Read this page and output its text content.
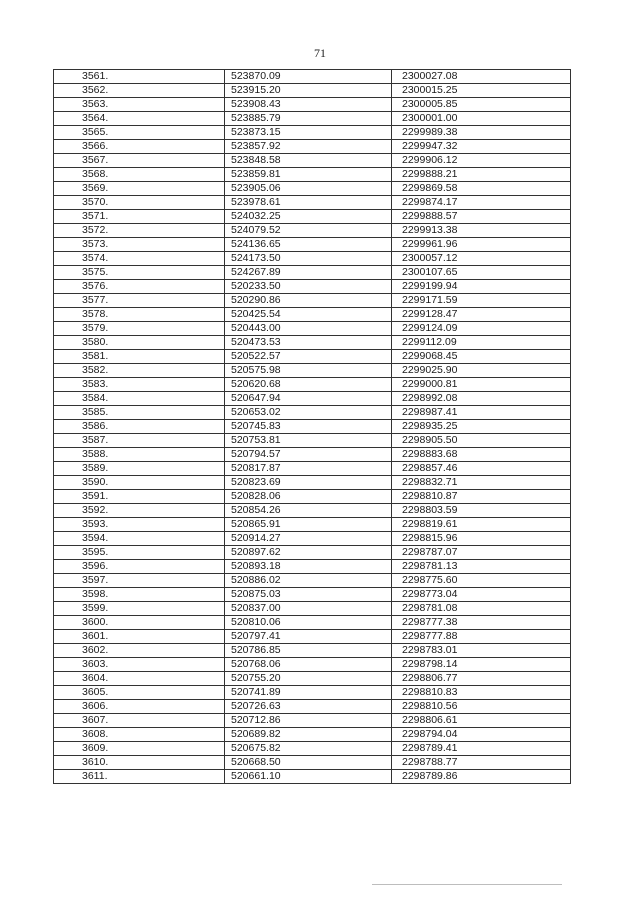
71
3561.	523870.09	2300027.08
3562.	523915.20	2300015.25
3563.	523908.43	2300005.85
3564.	523885.79	2300001.00
3565.	523873.15	2299989.38
3566.	523857.92	2299947.32
3567.	523848.58	2299906.12
3568.	523859.81	2299888.21
3569.	523905.06	2299869.58
3570.	523978.61	2299874.17
3571.	524032.25	2299888.57
3572.	524079.52	2299913.38
3573.	524136.65	2299961.96
3574.	524173.50	2300057.12
3575.	524267.89	2300107.65
3576.	520233.50	2299199.94
3577.	520290.86	2299171.59
3578.	520425.54	2299128.47
3579.	520443.00	2299124.09
3580.	520473.53	2299112.09
3581.	520522.57	2299068.45
3582.	520575.98	2299025.90
3583.	520620.68	2299000.81
3584.	520647.94	2298992.08
3585.	520653.02	2298987.41
3586.	520745.83	2298935.25
3587.	520753.81	2298905.50
3588.	520794.57	2298883.68
3589.	520817.87	2298857.46
3590.	520823.69	2298832.71
3591.	520828.06	2298810.87
3592.	520854.26	2298803.59
3593.	520865.91	2298819.61
3594.	520914.27	2298815.96
3595.	520897.62	2298787.07
3596.	520893.18	2298781.13
3597.	520886.02	2298775.60
3598.	520875.03	2298773.04
3599.	520837.00	2298781.08
3600.	520810.06	2298777.38
3601.	520797.41	2298777.88
3602.	520786.85	2298783.01
3603.	520768.06	2298798.14
3604.	520755.20	2298806.77
3605.	520741.89	2298810.83
3606.	520726.63	2298810.56
3607.	520712.86	2298806.61
3608.	520689.82	2298794.04
3609.	520675.82	2298789.41
3610.	520668.50	2298788.77
3611.	520661.10	2298789.86
